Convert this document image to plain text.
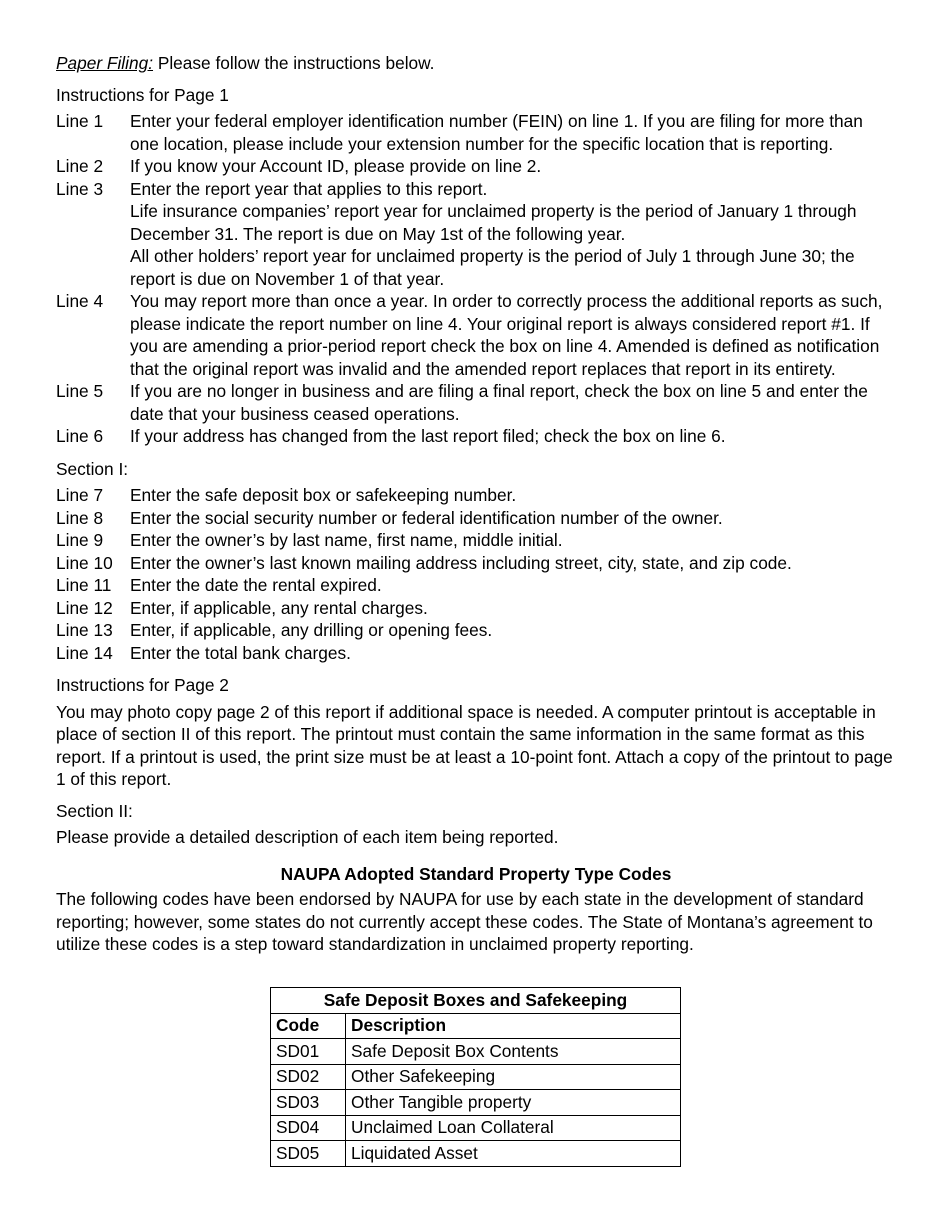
Paper Filing: Please follow the instructions below.
Instructions for Page 1
Line 1	Enter your federal employer identification number (FEIN) on line 1. If you are filing for more than one location, please include your extension number for the specific location that is reporting.
Line 2	If you know your Account ID, please provide on line 2.
Line 3	Enter the report year that applies to this report.
Life insurance companies’ report year for unclaimed property is the period of January 1 through December 31. The report is due on May 1st of the following year.
All other holders’ report year for unclaimed property is the period of July 1 through June 30; the report is due on November 1 of that year.
Line 4	You may report more than once a year. In order to correctly process the additional reports as such, please indicate the report number on line 4. Your original report is always considered report #1. If you are amending a prior-period report check the box on line 4. Amended is defined as notification that the original report was invalid and the amended report replaces that report in its entirety.
Line 5	If you are no longer in business and are filing a final report, check the box on line 5 and enter the date that your business ceased operations.
Line 6	If your address has changed from the last report filed; check the box on line 6.
Section I:
Line 7	Enter the safe deposit box or safekeeping number.
Line 8	Enter the social security number or federal identification number of the owner.
Line 9	Enter the owner’s by last name, first name, middle initial.
Line 10 Enter the owner’s last known mailing address including street, city, state, and zip code.
Line 11	Enter the date the rental expired.
Line 12 Enter, if applicable, any rental charges.
Line 13 Enter, if applicable, any drilling or opening fees.
Line 14 Enter the total bank charges.
Instructions for Page 2
You may photo copy page 2 of this report if additional space is needed. A computer printout is acceptable in place of section II of this report. The printout must contain the same information in the same format as this report. If a printout is used, the print size must be at least a 10-point font. Attach a copy of the printout to page 1 of this report.
Section II:
Please provide a detailed description of each item being reported.
NAUPA Adopted Standard Property Type Codes
The following codes have been endorsed by NAUPA for use by each state in the development of standard reporting; however, some states do not currently accept these codes. The State of Montana’s agreement to utilize these codes is a step toward standardization in unclaimed property reporting.
Safe Deposit Boxes and Safekeeping	
Code	Description
SD01	Safe Deposit Box Contents
SD02	Other Safekeeping
SD03	Other Tangible property
SD04	Unclaimed Loan Collateral
SD05	Liquidated Asset
